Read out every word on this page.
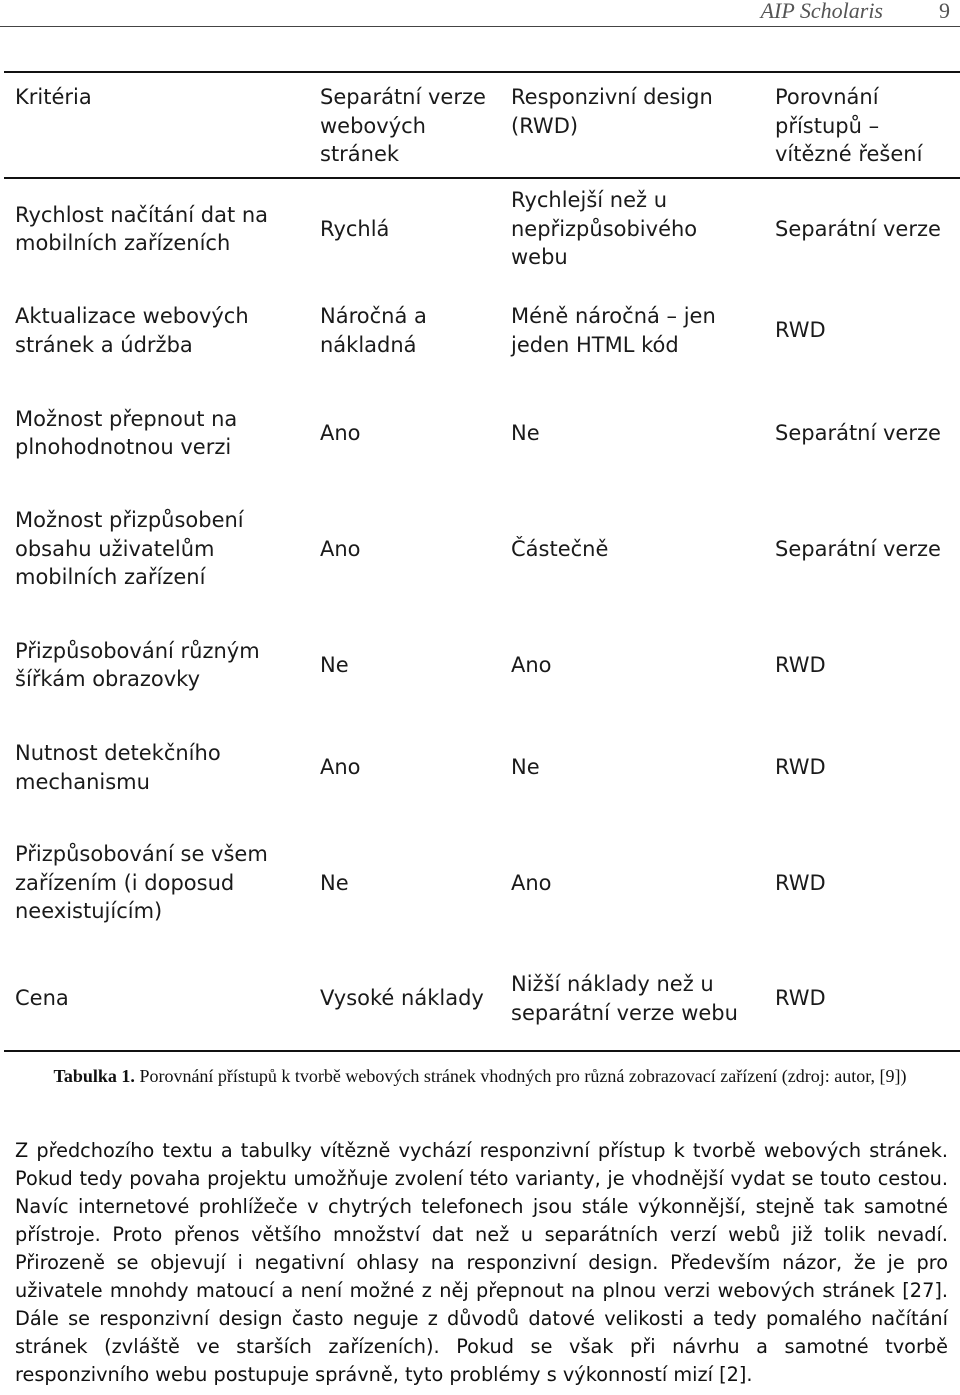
AIP Scholaris	9
Kritéria	Separátní verze webových stránek	Responzivní design (RWD)	Porovnání přístupů – vítězné řešení
Rychlost načítání dat na mobilních zařízeních	Rychlá	Rychlejší než u nepřizpůsobivého webu	Separátní verze
Aktualizace webových stránek a údržba	Náročná a nákladná	Méně náročná – jen jeden HTML kód	RWD
Možnost přepnout na plnohodnotnou verzi	Ano	Ne	Separátní verze
Možnost přizpůsobení obsahu uživatelům mobilních zařízení	Ano	Částečně	Separátní verze
Přizpůsobování různým šířkám obrazovky	Ne	Ano	RWD
Nutnost detekčního mechanismu	Ano	Ne	RWD
Přizpůsobování se všem zařízením (i doposud neexistujícím)	Ne	Ano	RWD
Cena	Vysoké náklady	Nižší náklady než u separátní verze webu	RWD
Tabulka 1. Porovnání přístupů k tvorbě webových stránek vhodných pro různá zobrazovací zařízení (zdroj: autor, [9])
Z předchozího textu a tabulky vítězně vychází responzivní přístup k tvorbě webových stránek. Pokud tedy povaha projektu umožňuje zvolení této varianty, je vhodnější vydat se touto cestou. Navíc internetové prohlížeče v chytrých telefonech jsou stále výkonnější, stejně tak samotné přístroje. Proto přenos většího množství dat než u separátních verzí webů již tolik nevadí. Přirozeně se objevují i negativní ohlasy na responzivní design. Především názor, že je pro uživatele mnohdy matoucí a není možné z něj přepnout na plnou verzi webových stránek [27]. Dále se responzivní design často neguje z důvodů datové velikosti a tedy pomalého načítání stránek (zvláště ve starších zařízeních). Pokud se však při návrhu a samotné tvorbě responzivního webu postupuje správně, tyto problémy s výkonností mizí [2].
